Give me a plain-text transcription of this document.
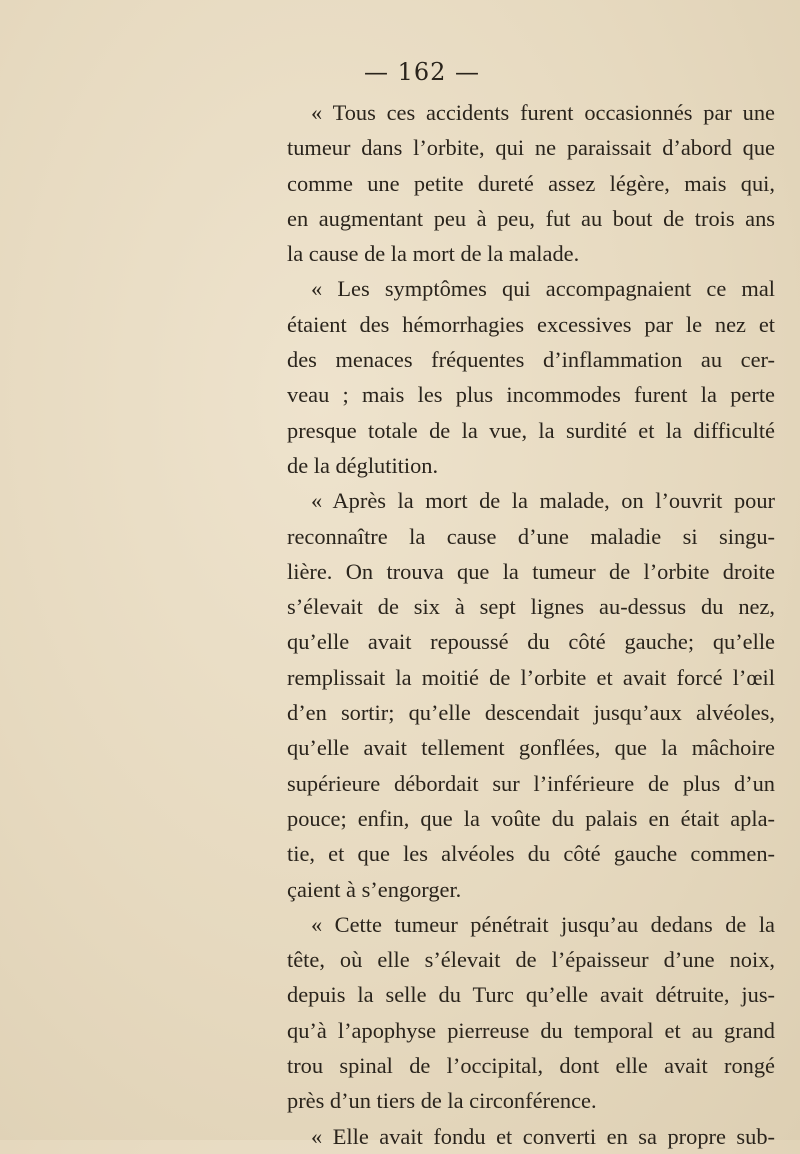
— 162 —
« Tous ces accidents furent occasionnés par une
tumeur dans l’orbite, qui ne paraissait d’abord que
comme une petite dureté assez légère, mais qui,
en augmentant peu à peu, fut au bout de trois ans
la cause de la mort de la malade.
« Les symptômes qui accompagnaient ce mal
étaient des hémorrhagies excessives par le nez et
des menaces fréquentes d’inflammation au cer-
veau ; mais les plus incommodes furent la perte
presque totale de la vue, la surdité et la difficulté
de la déglutition.
« Après la mort de la malade, on l’ouvrit pour
reconnaître la cause d’une maladie si singu-
lière. On trouva que la tumeur de l’orbite droite
s’élevait de six à sept lignes au-dessus du nez,
qu’elle avait repoussé du côté gauche; qu’elle
remplissait la moitié de l’orbite et avait forcé l’œil
d’en sortir; qu’elle descendait jusqu’aux alvéoles,
qu’elle avait tellement gonflées, que la mâchoire
supérieure débordait sur l’inférieure de plus d’un
pouce; enfin, que la voûte du palais en était apla-
tie, et que les alvéoles du côté gauche commen-
çaient à s’engorger.
« Cette tumeur pénétrait jusqu’au dedans de la
tête, où elle s’élevait de l’épaisseur d’une noix,
depuis la selle du Turc qu’elle avait détruite, jus-
qu’à l’apophyse pierreuse du temporal et au grand
trou spinal de l’occipital, dont elle avait rongé
près d’un tiers de la circonférence.
« Elle avait fondu et converti en sa propre sub-
